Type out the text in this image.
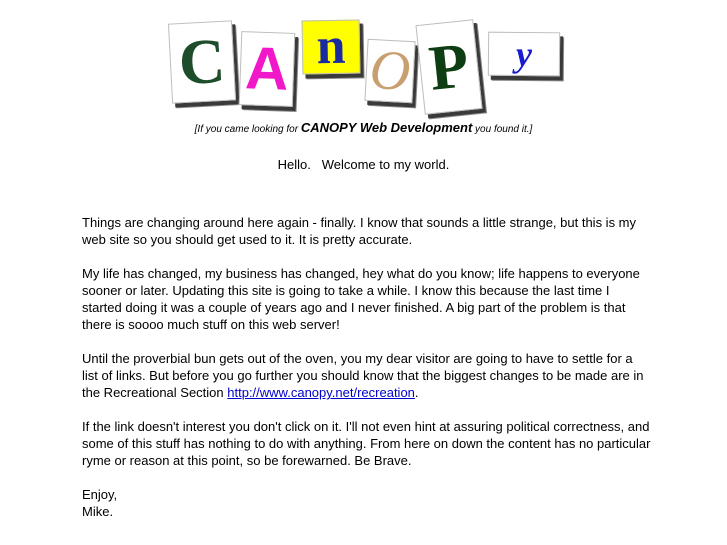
C A n O P y
[If you came looking for CANOPY Web Development you found it.]
Hello.   Welcome to my world.

Things are changing around here again - finally. I know that sounds a little strange, but this is my web site so you should get used to it. It is pretty accurate.

My life has changed, my business has changed, hey what do you know; life happens to everyone sooner or later. Updating this site is going to take a while. I know this because the last time I started doing it was a couple of years ago and I never finished. A big part of the problem is that there is soooo much stuff on this web server!

Until the proverbial bun gets out of the oven, you my dear visitor are going to have to settle for a list of links. But before you go further you should know that the biggest changes to be made are in the Recreational Section http://www.canopy.net/recreation.

If the link doesn't interest you don't click on it. I'll not even hint at assuring political correctness, and some of this stuff has nothing to do with anything. From here on down the content has no particular ryme or reason at this point, so be forewarned. Be Brave.

Enjoy,
Mike.
